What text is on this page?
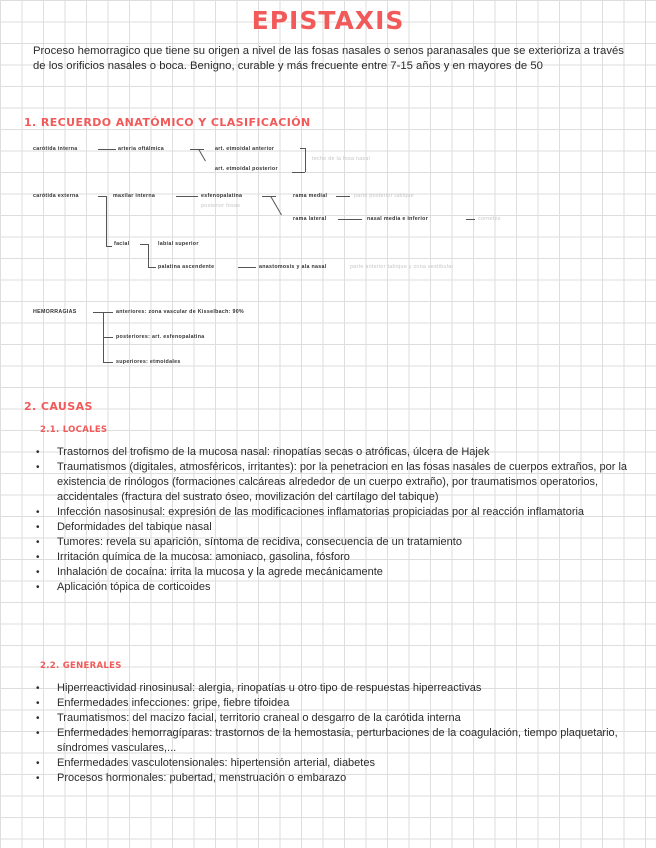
EPISTAXIS

Proceso hemorragico que tiene su origen a nivel de las fosas nasales o senos paranasales que se exterioriza a través de los orificios nasales o boca. Benigno, curable y más frecuente entre 7-15 años y en mayores de 50

1. RECUERDO ANATÓMICO Y CLASIFICACIÓN
carótida interna	arteria oftálmica	art. etmoidal anterior
art. etmoidal posterior
techo de la fosa nasal
carótida externa	maxilar interna	esfenopalatina
posterior fosas
rama medial	parte posterior tabique
rama lateral	nasal media e inferior	cornetes
facial	labial superior
palatina ascendente	anastomosis y ala nasal	parte anterior tabique y zona vestibular
HEMORRAGIAS	anteriores: zona vascular de Kisselbach: 90%
posteriores: art. esfenopalatina
superiores: etmoidales
2. CAUSAS
2.1. LOCALES
• Trastornos del trofismo de la mucosa nasal: rinopatías secas o atróficas, úlcera de Hajek
• Traumatismos (digitales, atmosféricos, irritantes): por la penetracion en las fosas nasales de cuerpos extraños, por la existencia de rinólogos (formaciones calcáreas alrededor de un cuerpo extraño), por traumatismos operatorios, accidentales (fractura del sustrato óseo, movilización del cartílago del tabique)
• Infección nasosinusal: expresión de las modificaciones inflamatorias propiciadas por al reacción inflamatoria
• Deformidades del tabique nasal
• Tumores: revela su aparición, síntoma de recidiva, consecuencia de un tratamiento
• Irritación química de la mucosa: amoniaco, gasolina, fósforo
• Inhalación de cocaína: irrita la mucosa y la agrede mecánicamente
• Aplicación tópica de corticoides
2.2. GENERALES
• Hiperreactividad rinosinusal: alergia, rinopatías u otro tipo de respuestas hiperreactivas
• Enfermedades infecciones: gripe, fiebre tifoidea
• Traumatismos: del macizo facial, territorio craneal o desgarro de la carótida interna
• Enfermedades hemorragíparas: trastornos de la hemostasia, perturbaciones de la coagulación, tiempo plaquetario, síndromes vasculares,...
• Enfermedades vasculotensionales: hipertensión arterial, diabetes
• Procesos hormonales: pubertad, menstruación o embarazo
